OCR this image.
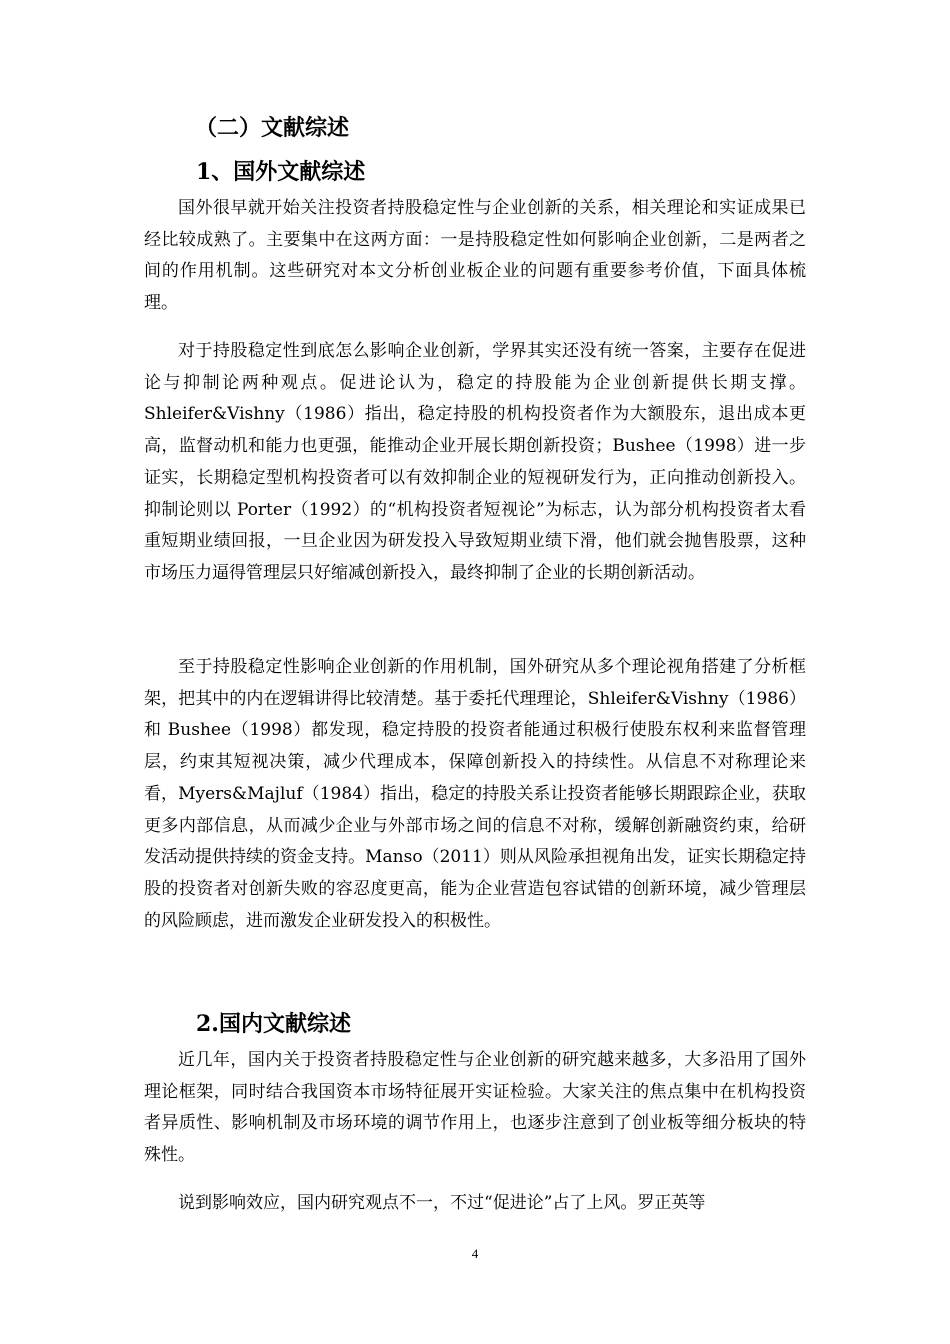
（二）文献综述
1、国外文献综述

国外很早就开始关注投资者持股稳定性与企业创新的关系，相关理论和实证成果已经比较成熟了。主要集中在这两方面：一是持股稳定性如何影响企业创新，二是两者之间的作用机制。这些研究对本文分析创业板企业的问题有重要参考价值，下面具体梳理。

对于持股稳定性到底怎么影响企业创新，学界其实还没有统一答案，主要存在促进论与抑制论两种观点。促进论认为，稳定的持股能为企业创新提供长期支撑。Shleifer&Vishny（1986）指出，稳定持股的机构投资者作为大额股东，退出成本更高，监督动机和能力也更强，能推动企业开展长期创新投资；Bushee（1998）进一步证实，长期稳定型机构投资者可以有效抑制企业的短视研发行为，正向推动创新投入。抑制论则以 Porter（1992）的“机构投资者短视论”为标志，认为部分机构投资者太看重短期业绩回报，一旦企业因为研发投入导致短期业绩下滑，他们就会抛售股票，这种市场压力逼得管理层只好缩减创新投入，最终抑制了企业的长期创新活动。

至于持股稳定性影响企业创新的作用机制，国外研究从多个理论视角搭建了分析框架，把其中的内在逻辑讲得比较清楚。基于委托代理理论，Shleifer&Vishny（1986）和 Bushee（1998）都发现，稳定持股的投资者能通过积极行使股东权利来监督管理层，约束其短视决策，减少代理成本，保障创新投入的持续性。从信息不对称理论来看，Myers&Majluf（1984）指出，稳定的持股关系让投资者能够长期跟踪企业，获取更多内部信息，从而减少企业与外部市场之间的信息不对称，缓解创新融资约束，给研发活动提供持续的资金支持。Manso（2011）则从风险承担视角出发，证实长期稳定持股的投资者对创新失败的容忍度更高，能为企业营造包容试错的创新环境，减少管理层的风险顾虑，进而激发企业研发投入的积极性。

2.国内文献综述

近几年，国内关于投资者持股稳定性与企业创新的研究越来越多，大多沿用了国外理论框架，同时结合我国资本市场特征展开实证检验。大家关注的焦点集中在机构投资者异质性、影响机制及市场环境的调节作用上，也逐步注意到了创业板等细分板块的特殊性。

说到影响效应，国内研究观点不一，不过“促进论”占了上风。罗正英等

4
